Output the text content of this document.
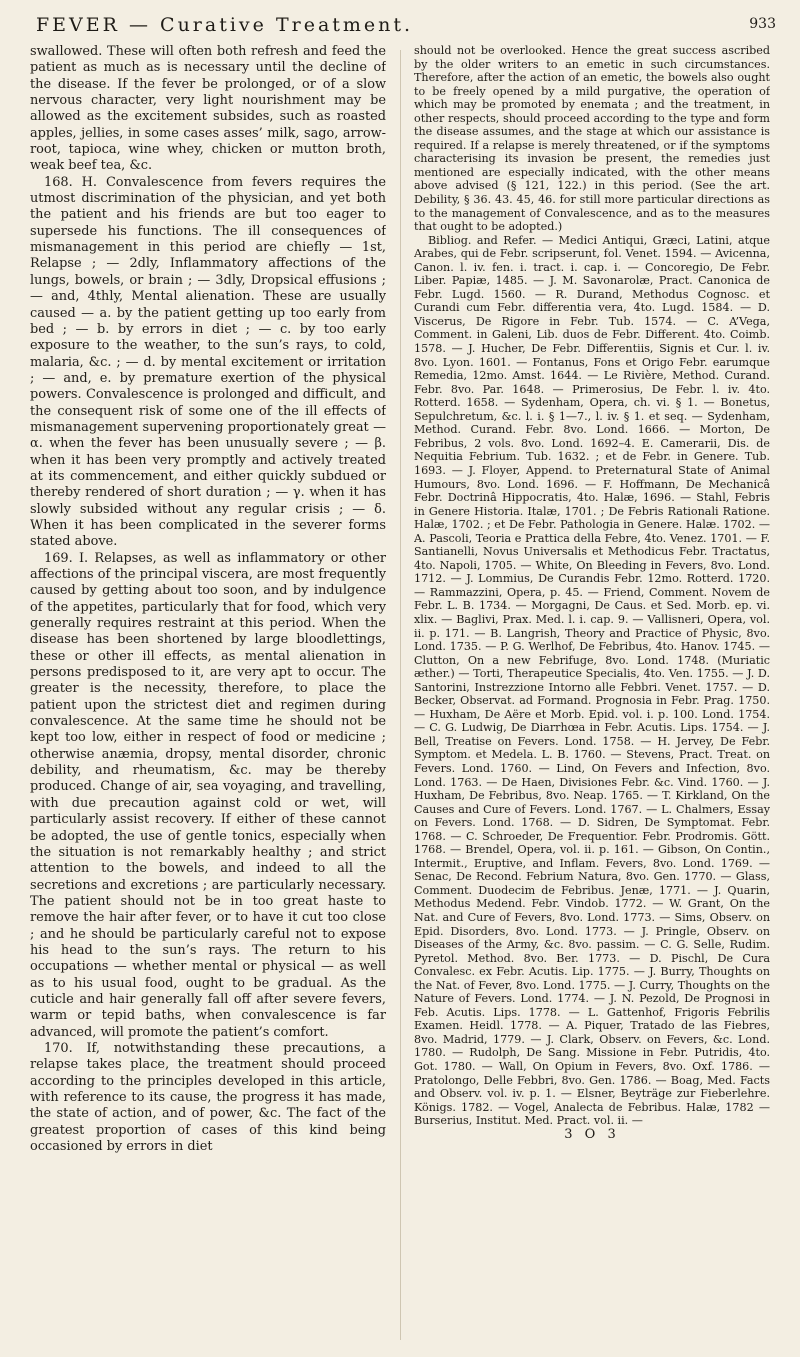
FEVER — Curative Treatment.	933

swallowed. These will often both refresh and feed the patient as much as is necessary until the decline of the disease. If the fever be prolonged, or of a slow nervous character, very light nourishment may be allowed as the excitement subsides, such as roasted apples, jellies, in some cases asses’ milk, sago, arrow-root, tapioca, wine whey, chicken or mutton broth, weak beef tea, &c.

168. H. Convalescence from fevers requires the utmost discrimination of the physician, and yet both the patient and his friends are but too eager to supersede his functions. The ill consequences of mismanagement in this period are chiefly — 1st, Relapse ; — 2dly, Inflammatory affections of the lungs, bowels, or brain ; — 3dly, Dropsical effusions ; — and, 4thly, Mental alienation. These are usually caused — a. by the patient getting up too early from bed ; — b. by errors in diet ; — c. by too early exposure to the weather, to the sun’s rays, to cold, malaria, &c. ; — d. by mental excitement or irritation ; — and, e. by premature exertion of the physical powers. Convalescence is prolonged and difficult, and the consequent risk of some one of the ill effects of mismanagement supervening proportionately great — α. when the fever has been unusually severe ; — β. when it has been very promptly and actively treated at its commencement, and either quickly subdued or thereby rendered of short duration ; — γ. when it has slowly subsided without any regular crisis ; — δ. When it has been complicated in the severer forms stated above.

169. I. Relapses, as well as inflammatory or other affections of the principal viscera, are most frequently caused by getting about too soon, and by indulgence of the appetites, particularly that for food, which very generally requires restraint at this period. When the disease has been shortened by large bloodlettings, these or other ill effects, as mental alienation in persons predisposed to it, are very apt to occur. The greater is the necessity, therefore, to place the patient upon the strictest diet and regimen during convalescence. At the same time he should not be kept too low, either in respect of food or medicine ; otherwise anæmia, dropsy, mental disorder, chronic debility, and rheumatism, &c. may be thereby produced. Change of air, sea voyaging, and travelling, with due precaution against cold or wet, will particularly assist recovery. If either of these cannot be adopted, the use of gentle tonics, especially when the situation is not remarkably healthy ; and strict attention to the bowels, and indeed to all the secretions and excretions ; are particularly necessary. The patient should not be in too great haste to remove the hair after fever, or to have it cut too close ; and he should be particularly careful not to expose his head to the sun’s rays. The return to his occupations — whether mental or physical — as well as to his usual food, ought to be gradual. As the cuticle and hair generally fall off after severe fevers, warm or tepid baths, when convalescence is far advanced, will promote the patient’s comfort.

170. If, notwithstanding these precautions, a relapse takes place, the treatment should proceed according to the principles developed in this article, with reference to its cause, the progress it has made, the state of action, and of power, &c. The fact of the greatest proportion of cases of this kind being occasioned by errors in diet

should not be overlooked. Hence the great success ascribed by the older writers to an emetic in such circumstances. Therefore, after the action of an emetic, the bowels also ought to be freely opened by a mild purgative, the operation of which may be promoted by enemata ; and the treatment, in other respects, should proceed according to the type and form the disease assumes, and the stage at which our assistance is required. If a relapse is merely threatened, or if the symptoms characterising its invasion be present, the remedies just mentioned are especially indicated, with the other means above advised (§ 121, 122.) in this period. (See the art. Debility, § 36. 43. 45, 46. for still more particular directions as to the management of Convalescence, and as to the measures that ought to be adopted.)

Bibliog. and Refer. — Medici Antiqui, Græci, Latini, atque Arabes, qui de Febr. scripserunt, fol. Venet. 1594. — Avicenna, Canon. l. iv. fen. i. tract. i. cap. i. — Concoregio, De Febr. Liber. Papiæ, 1485. — J. M. Savonarolæ, Pract. Canonica de Febr. Lugd. 1560. — R. Durand, Methodus Cognosc. et Curandi cum Febr. differentia vera, 4to. Lugd. 1584. — D. Viscerus, De Rigore in Febr. Tub. 1574. — C. A’Vega, Comment. in Galeni, Lib. duos de Febr. Different. 4to. Coimb. 1578. — J. Hucher, De Febr. Differentiis, Signis et Cur. l. iv. 8vo. Lyon. 1601. — Fontanus, Fons et Origo Febr. earumque Remedia, 12mo. Amst. 1644. — Le Rivière, Method. Curand. Febr. 8vo. Par. 1648. — Primerosius, De Febr. l. iv. 4to. Rotterd. 1658. — Sydenham, Opera, ch. vi. § 1. — Bonetus, Sepulchretum, &c. l. i. § 1—7., l. iv. § 1. et seq. — Sydenham, Method. Curand. Febr. 8vo. Lond. 1666. — Morton, De Febribus, 2 vols. 8vo. Lond. 1692–4. E. Camerarii, Dis. de Nequitia Febrium. Tub. 1632. ; et de Febr. in Genere. Tub. 1693. — J. Floyer, Append. to Preternatural State of Animal Humours, 8vo. Lond. 1696. — F. Hoffmann, De Mechanicâ Febr. Doctrinâ Hippocratis, 4to. Halæ, 1696. — Stahl, Febris in Genere Historia. Italæ, 1701. ; De Febris Rationali Ratione. Halæ, 1702. ; et De Febr. Pathologia in Genere. Halæ. 1702. — A. Pascoli, Teoria e Prattica della Febre, 4to. Venez. 1701. — F. Santianelli, Novus Universalis et Methodicus Febr. Tractatus, 4to. Napoli, 1705. — White, On Bleeding in Fevers, 8vo. Lond. 1712. — J. Lommius, De Curandis Febr. 12mo. Rotterd. 1720. — Rammazzini, Opera, p. 45. — Friend, Comment. Novem de Febr. L. B. 1734. — Morgagni, De Caus. et Sed. Morb. ep. vi. xlix. — Baglivi, Prax. Med. l. i. cap. 9. — Vallisneri, Opera, vol. ii. p. 171. — B. Langrish, Theory and Practice of Physic, 8vo. Lond. 1735. — P. G. Werlhof, De Febribus, 4to. Hanov. 1745. — Clutton, On a new Febrifuge, 8vo. Lond. 1748. (Muriatic æther.) — Torti, Therapeutice Specialis, 4to. Ven. 1755. — J. D. Santorini, Instrezzione Intorno alle Febbri. Venet. 1757. — D. Becker, Observat. ad Formand. Prognosia in Febr. Prag. 1750. — Huxham, De Aëre et Morb. Epid. vol. i. p. 100. Lond. 1754. — C. G. Ludwig, De Diarrhœa in Febr. Acutis. Lips. 1754. — J. Bell, Treatise on Fevers. Lond. 1758. — H. Jervey, De Febr. Symptom. et Medela. L. B. 1760. — Stevens, Pract. Treat. on Fevers. Lond. 1760. — Lind, On Fevers and Infection, 8vo. Lond. 1763. — De Haen, Divisiones Febr. &c. Vind. 1760. — J. Huxham, De Febribus, 8vo. Neap. 1765. — T. Kirkland, On the Causes and Cure of Fevers. Lond. 1767. — L. Chalmers, Essay on Fevers. Lond. 1768. — D. Sidren, De Symptomat. Febr. 1768. — C. Schroeder, De Frequentior. Febr. Prodromis. Gött. 1768. — Brendel, Opera, vol. ii. p. 161. — Gibson, On Contin., Intermit., Eruptive, and Inflam. Fevers, 8vo. Lond. 1769. — Senac, De Recond. Febrium Natura, 8vo. Gen. 1770. — Glass, Comment. Duodecim de Febribus. Jenæ, 1771. — J. Quarin, Methodus Medend. Febr. Vindob. 1772. — W. Grant, On the Nat. and Cure of Fevers, 8vo. Lond. 1773. — Sims, Observ. on Epid. Disorders, 8vo. Lond. 1773. — J. Pringle, Observ. on Diseases of the Army, &c. 8vo. passim. — C. G. Selle, Rudim. Pyretol. Method. 8vo. Ber. 1773. — D. Pischl, De Cura Convalesc. ex Febr. Acutis. Lip. 1775. — J. Burry, Thoughts on the Nat. of Fever, 8vo. Lond. 1775. — J. Curry, Thoughts on the Nature of Fevers. Lond. 1774. — J. N. Pezold, De Prognosi in Feb. Acutis. Lips. 1778. — L. Gattenhof, Frigoris Febrilis Examen. Heidl. 1778. — A. Piquer, Tratado de las Fiebres, 8vo. Madrid, 1779. — J. Clark, Observ. on Fevers, &c. Lond. 1780. — Rudolph, De Sang. Missione in Febr. Putridis, 4to. Got. 1780. — Wall, On Opium in Fevers, 8vo. Oxf. 1786. — Pratolongo, Delle Febbri, 8vo. Gen. 1786. — Boag, Med. Facts and Observ. vol. iv. p. 1. — Elsner, Beyträge zur Fieberlehre. Königs. 1782. — Vogel, Analecta de Febribus. Halæ, 1782 — Burserius, Institut. Med. Pract. vol. ii. —

3 O 3
